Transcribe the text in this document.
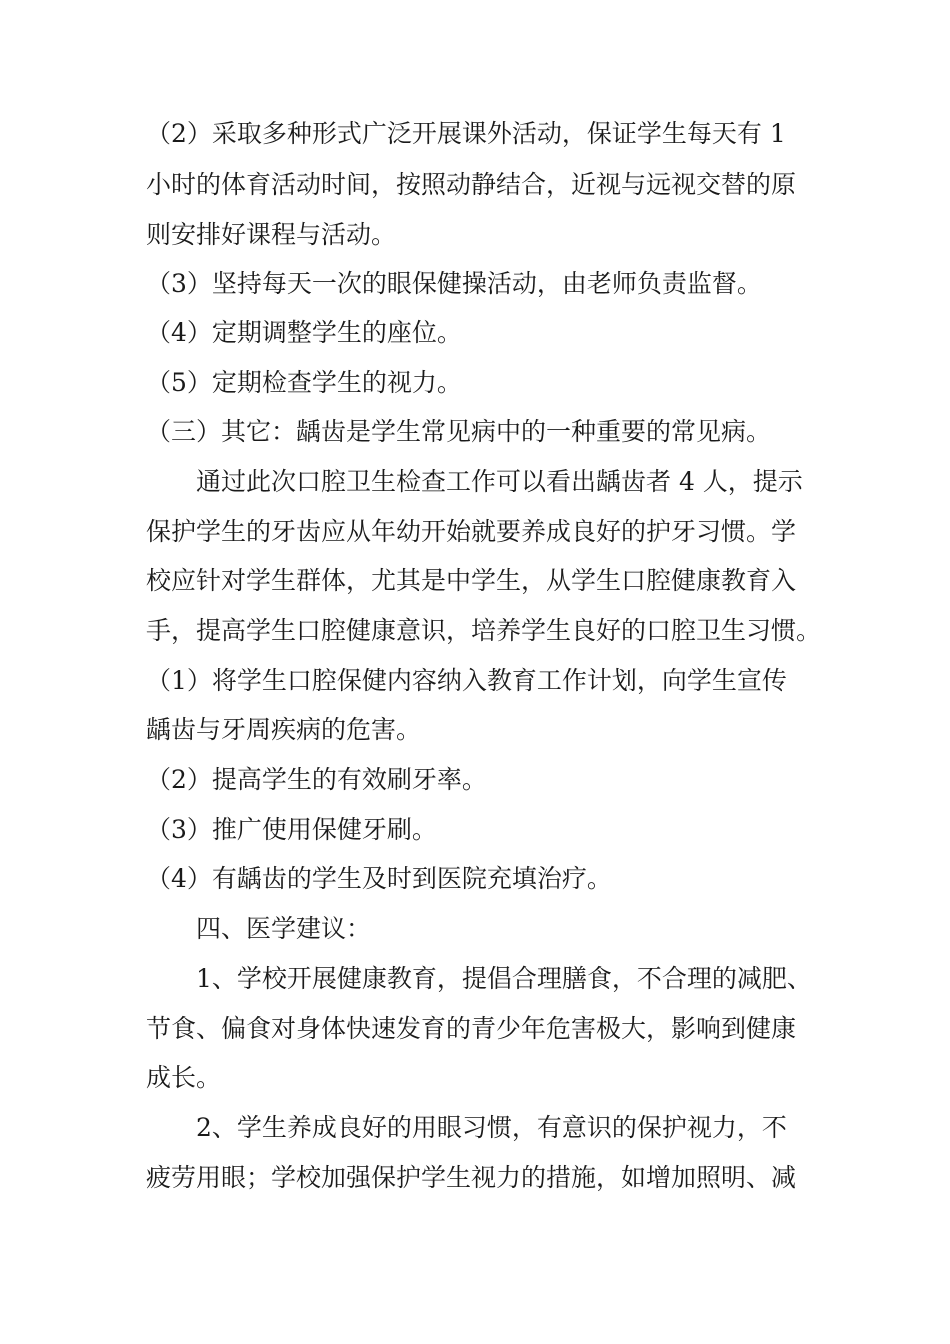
（2）采取多种形式广泛开展课外活动，保证学生每天有 1
小时的体育活动时间，按照动静结合，近视与远视交替的原
则安排好课程与活动。
（3）坚持每天一次的眼保健操活动，由老师负责监督。
（4）定期调整学生的座位。
（5）定期检查学生的视力。
（三）其它：龋齿是学生常见病中的一种重要的常见病。
通过此次口腔卫生检查工作可以看出龋齿者 4 人，提示
保护学生的牙齿应从年幼开始就要养成良好的护牙习惯。学
校应针对学生群体，尤其是中学生，从学生口腔健康教育入
手，提高学生口腔健康意识，培养学生良好的口腔卫生习惯。
（1）将学生口腔保健内容纳入教育工作计划，向学生宣传
龋齿与牙周疾病的危害。
（2）提高学生的有效刷牙率。
（3）推广使用保健牙刷。
（4）有龋齿的学生及时到医院充填治疗。
四、医学建议：
1、学校开展健康教育，提倡合理膳食，不合理的减肥、
节食、偏食对身体快速发育的青少年危害极大，影响到健康
成长。
2、学生养成良好的用眼习惯，有意识的保护视力，不
疲劳用眼；学校加强保护学生视力的措施，如增加照明、减
